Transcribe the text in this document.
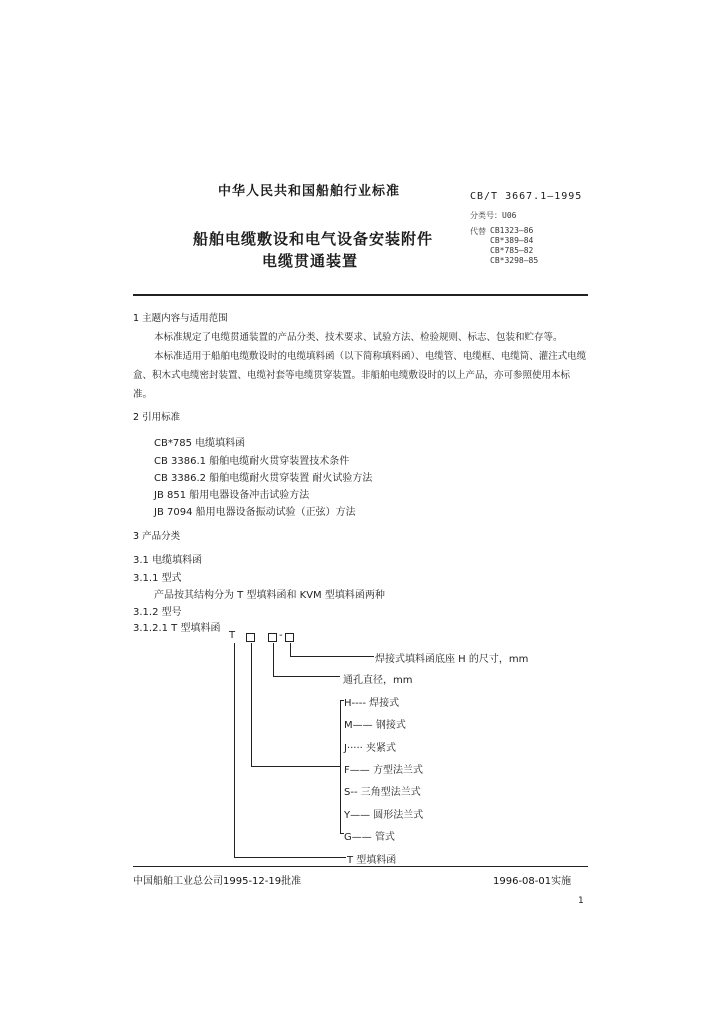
中华人民共和国船舶行业标准	CB/T 3667.1—1995
分类号：U06
代替 CB1323—86
CB*389—84
CB*785—82
CB*3298—85
船舶电缆敷设和电气设备安装附件
电缆贯通装置
1 主题内容与适用范围
本标准规定了电缆贯通装置的产品分类、技术要求、试验方法、检验规则、标志、包装和贮存等。
本标准适用于船舶电缆敷设时的电缆填料函（以下简称填料函）、电缆管、电缆框、电缆筒、灌注式电缆盒、积木式电缆密封装置、电缆衬套等电缆贯穿装置。非船舶电缆敷设时的以上产品，亦可参照使用本标准。
2 引用标准
CB*785 电缆填料函
CB 3386.1 船舶电缆耐火贯穿装置技术条件
CB 3386.2 船舶电缆耐火贯穿装置 耐火试验方法
JB 851 船用电器设备冲击试验方法
JB 7094 船用电器设备振动试验（正弦）方法
3 产品分类
3.1 电缆填料函
3.1.1 型式
产品按其结构分为 T 型填料函和 KVM 型填料函两种
3.1.2 型号
3.1.2.1 T 型填料函
T	-
焊接式填料函底座 H 的尺寸，mm
通孔直径，mm
H---- 焊接式
M—— 钢接式
J····· 夹紧式
F—— 方型法兰式
S-- 三角型法兰式
Y—— 圆形法兰式
G—— 管式
T 型填料函
中国船舶工业总公司1995-12-19批准	1996-08-01实施
1
